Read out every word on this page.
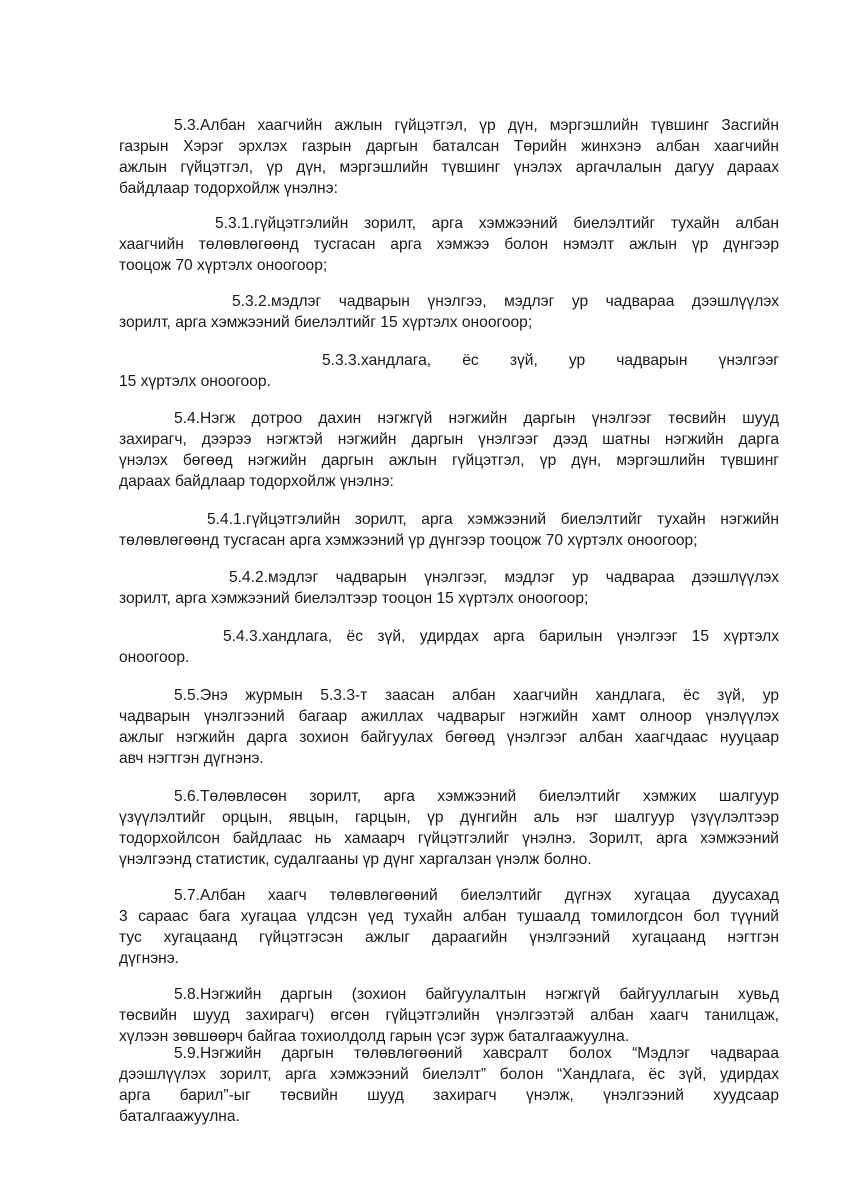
5.3.Албан хаагчийн ажлын гүйцэтгэл, үр дүн, мэргэшлийн түвшинг Засгийн
газрын Хэрэг эрхлэх газрын даргын баталсан Төрийн жинхэнэ албан хаагчийн
ажлын гүйцэтгэл, үр дүн, мэргэшлийн түвшинг үнэлэх аргачлалын дагуу дараах
байдлаар тодорхойлж үнэлнэ:
5.3.1.гүйцэтгэлийн зорилт, арга хэмжээний биелэлтийг тухайн албан
хаагчийн төлөвлөгөөнд тусгасан арга хэмжээ болон нэмэлт ажлын үр дүнгээр
тооцож 70 хүртэлх оноогоор;
5.3.2.мэдлэг чадварын үнэлгээ, мэдлэг ур чадвараа дээшлүүлэх
зорилт, арга хэмжээний биелэлтийг 15 хүртэлх оноогоор;
5.3.3.хандлага, ёс зүй, ур чадварын үнэлгээг
15 хүртэлх оноогоор.
5.4.Нэгж дотроо дахин нэгжгүй нэгжийн даргын үнэлгээг төсвийн шууд
захирагч, дээрээ нэгжтэй нэгжийн даргын үнэлгээг дээд шатны нэгжийн дарга
үнэлэх бөгөөд нэгжийн даргын ажлын гүйцэтгэл, үр дүн, мэргэшлийн түвшинг
дараах байдлаар тодорхойлж үнэлнэ:
5.4.1.гүйцэтгэлийн зорилт, арга хэмжээний биелэлтийг тухайн нэгжийн
төлөвлөгөөнд тусгасан арга хэмжээний үр дүнгээр тооцож 70 хүртэлх оноогоор;
5.4.2.мэдлэг чадварын үнэлгээг, мэдлэг ур чадвараа дээшлүүлэх
зорилт, арга хэмжээний биелэлтээр тооцон 15 хүртэлх оноогоор;
5.4.3.хандлага, ёс зүй, удирдах арга барилын үнэлгээг 15 хүртэлх
оноогоор.
5.5.Энэ журмын 5.3.3-т заасан албан хаагчийн хандлага, ёс зүй, ур
чадварын үнэлгээний багаар ажиллах чадварыг нэгжийн хамт олноор үнэлүүлэх
ажлыг нэгжийн дарга зохион байгуулах бөгөөд үнэлгээг албан хаагчдаас нууцаар
авч нэгтгэн дүгнэнэ.
5.6.Төлөвлөсөн зорилт, арга хэмжээний биелэлтийг хэмжих шалгуур
үзүүлэлтийг орцын, явцын, гарцын, үр дүнгийн аль нэг шалгуур үзүүлэлтээр
тодорхойлсон байдлаас нь хамаарч гүйцэтгэлийг үнэлнэ. Зорилт, арга хэмжээний
үнэлгээнд статистик, судалгааны үр дүнг харгалзан үнэлж болно.
5.7.Албан хаагч төлөвлөгөөний биелэлтийг дүгнэх хугацаа дуусахад
3 сараас бага хугацаа үлдсэн үед тухайн албан тушаалд томилогдсон бол түүний
тус хугацаанд гүйцэтгэсэн ажлыг дараагийн үнэлгээний хугацаанд нэгтгэн
дүгнэнэ.
5.8.Нэгжийн даргын (зохион байгуулалтын нэгжгүй байгууллагын хувьд
төсвийн шууд захирагч) өгсөн гүйцэтгэлийн үнэлгээтэй албан хаагч танилцаж,
хүлээн зөвшөөрч байгаа тохиолдолд гарын үсэг зурж баталгаажуулна.
5.9.Нэгжийн даргын төлөвлөгөөний хавсралт болох “Мэдлэг чадвараа
дээшлүүлэх зорилт, арга хэмжээний биелэлт” болон “Хандлага, ёс зүй, удирдах
арга барил”-ыг төсвийн шууд захирагч үнэлж, үнэлгээний хуудсаар
баталгаажуулна.
